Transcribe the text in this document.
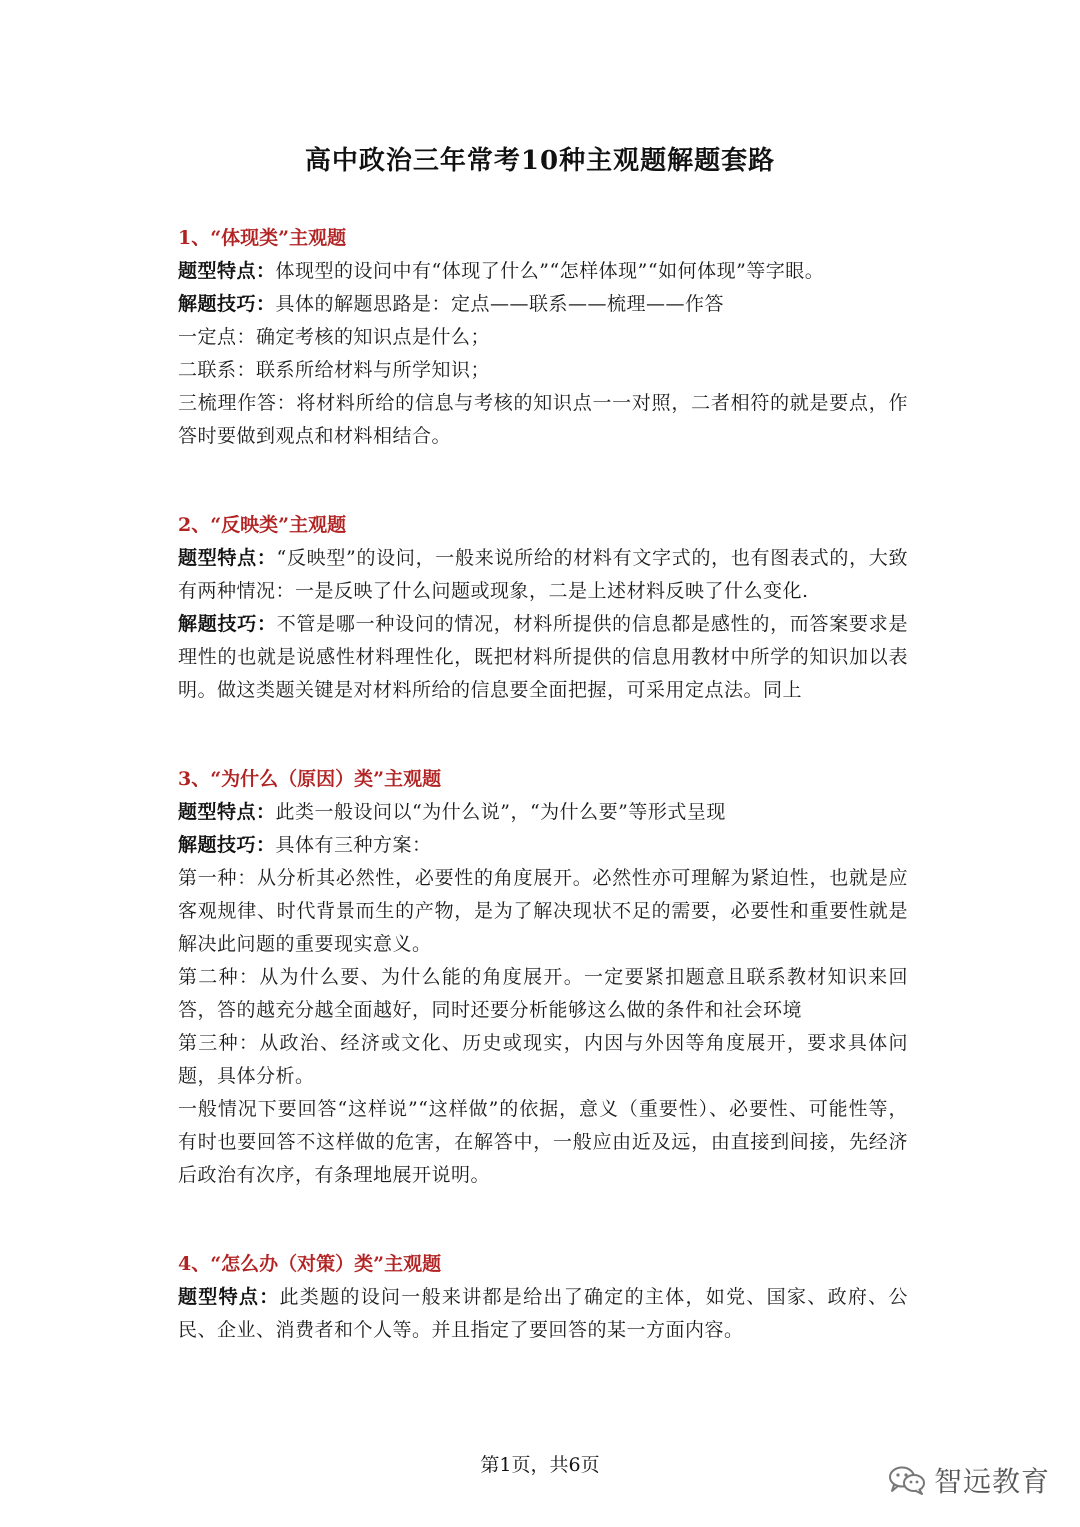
高中政治三年常考10种主观题解题套路

1、“体现类”主观题

题型特点：体现型的设问中有“体现了什么”“怎样体现”“如何体现”等字眼。

解题技巧：具体的解题思路是：定点——联系——梳理——作答

一定点：确定考核的知识点是什么；

二联系：联系所给材料与所学知识；

三梳理作答：将材料所给的信息与考核的知识点一一对照，二者相符的就是要点，作答时要做到观点和材料相结合。

2、“反映类”主观题

题型特点：“反映型”的设问，一般来说所给的材料有文字式的，也有图表式的，大致有两种情况：一是反映了什么问题或现象，二是上述材料反映了什么变化.

解题技巧：不管是哪一种设问的情况，材料所提供的信息都是感性的，而答案要求是理性的也就是说感性材料理性化，既把材料所提供的信息用教材中所学的知识加以表明。做这类题关键是对材料所给的信息要全面把握，可采用定点法。同上

3、“为什么（原因）类”主观题

题型特点：此类一般设问以“为什么说”，“为什么要”等形式呈现

解题技巧：具体有三种方案：

第一种：从分析其必然性，必要性的角度展开。必然性亦可理解为紧迫性，也就是应客观规律、时代背景而生的产物，是为了解决现状不足的需要，必要性和重要性就是解决此问题的重要现实意义。

第二种：从为什么要、为什么能的角度展开。一定要紧扣题意且联系教材知识来回答，答的越充分越全面越好，同时还要分析能够这么做的条件和社会环境

第三种：从政治、经济或文化、历史或现实，内因与外因等角度展开，要求具体问题，具体分析。

一般情况下要回答“这样说”“这样做”的依据，意义（重要性）、必要性、可能性等，有时也要回答不这样做的危害，在解答中，一般应由近及远，由直接到间接，先经济后政治有次序，有条理地展开说明。

4、“怎么办（对策）类”主观题

题型特点：此类题的设问一般来讲都是给出了确定的主体，如党、国家、政府、公民、企业、消费者和个人等。并且指定了要回答的某一方面内容。

第1页，共6页	智远教育
